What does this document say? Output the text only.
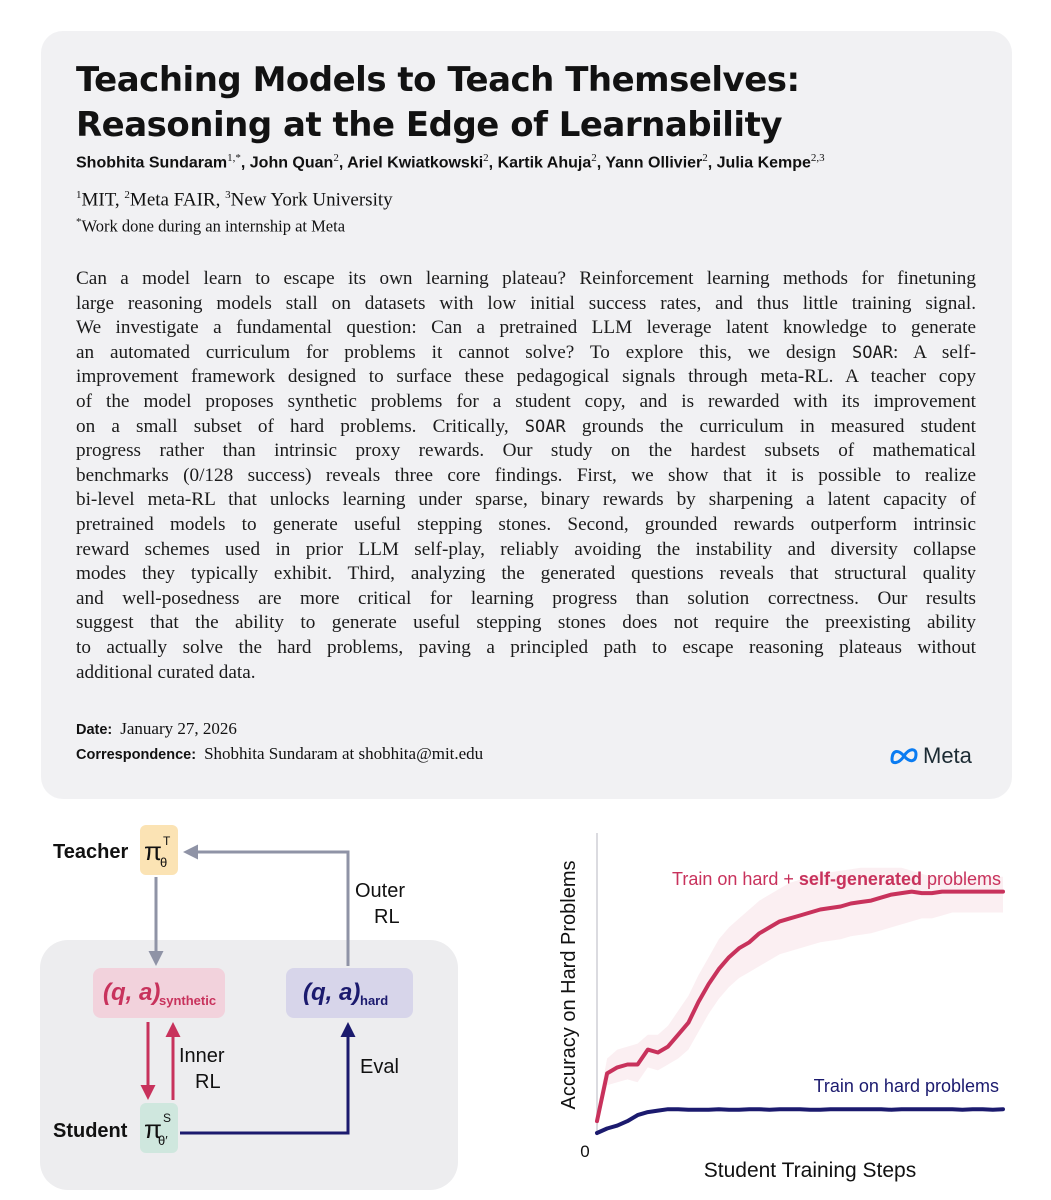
Teaching Models to Teach Themselves:
Reasoning at the Edge of Learnability
Shobhita Sundaram$^{1,*}$, John Quan$^2$, Ariel Kwiatkowski$^2$, Kartik Ahuja$^2$, Yann Ollivier$^2$, Julia Kempe$^{2,3}$
$^1$MIT, $^2$Meta FAIR, $^3$New York University
*Work done during an internship at Meta

Can a model learn to escape its own learning plateau? Reinforcement learning methods for finetuning
large reasoning models stall on datasets with low initial success rates, and thus little training signal.
We investigate a fundamental question: Can a pretrained LLM leverage latent knowledge to generate
an automated curriculum for problems it cannot solve? To explore this, we design SOAR: A self-
improvement framework designed to surface these pedagogical signals through meta-RL. A teacher copy
of the model proposes synthetic problems for a student copy, and is rewarded with its improvement
on a small subset of hard problems. Critically, SOAR grounds the curriculum in measured student
progress rather than intrinsic proxy rewards. Our study on the hardest subsets of mathematical
benchmarks (0/128 success) reveals three core findings. First, we show that it is possible to realize
bi-level meta-RL that unlocks learning under sparse, binary rewards by sharpening a latent capacity of
pretrained models to generate useful stepping stones. Second, grounded rewards outperform intrinsic
reward schemes used in prior LLM self-play, reliably avoiding the instability and diversity collapse
modes they typically exhibit. Third, analyzing the generated questions reveals that structural quality
and well-posedness are more critical for learning progress than solution correctness. Our results
suggest that the ability to generate useful stepping stones does not require the preexisting ability
to actually solve the hard problems, paving a principled path to escape reasoning plateaus without
additional curated data.

Date: January 27, 2026
Correspondence: Shobhita Sundaram at shobhita@mit.edu	Meta
Teacher π T
θ
(q, a)
synthetic	(q, a) hard
Student π S
θ′
Outer
RL
Inner
RL
Eval
0
Accuracy on Hard Problems
Student Training Steps
Train on hard + self-generated problems
Train on hard problems
